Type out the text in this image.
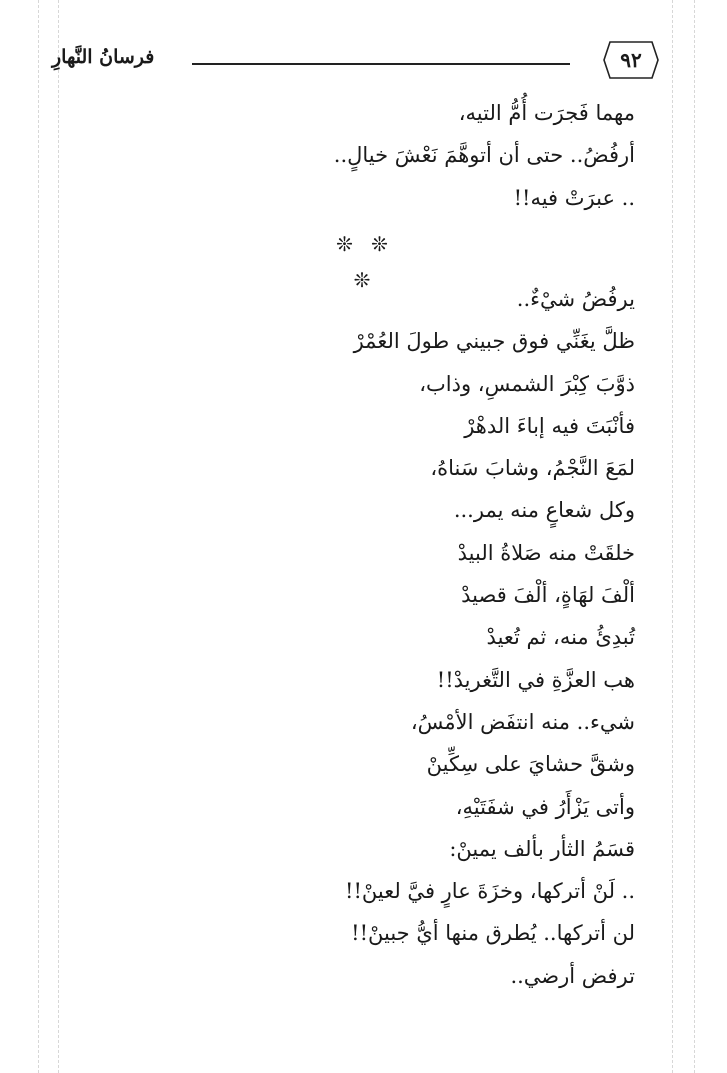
فرسانُ النَّهارِ	٩٢
مهما فَجرَت أُمُّ التيه،
أرفُضُ.. حتى أن أتوهَّمَ نَعْشَ خيالٍ..
.. عبرَتْ فيه!!
❊ ❊ ❊
يرفُضُ شيْءٌ..
ظلَّ يغَنِّي فوق جبيني طولَ العُمْرْ
ذوَّبَ كِبْرَ الشمسِ، وذاب،
فأنْبَتَ فيه إباءَ الدهْرْ
لمَعَ النَّجْمُ، وشابَ سَناهُ،
وكل شعاعٍ منه يمر...
خلقَتْ منه صَلاةُ البيدْ
ألْفَ لهَاةٍ، ألْفَ قصيدْ
تُبدِئُ منه، ثم تُعيدْ
هب العزَّةِ في التَّغريدْ!!
شيء.. منه انتفَض الأمْسُ،
وشقَّ حشايَ على سِكِّينْ
وأتى يَزْأَرُ في شفَتَيْهِ،
قسَمُ الثأر بألف يمينْ:
.. لَنْ أتركها، وخزَةَ عارٍ فيَّ لعينْ!!
لن أتركها.. يُطرق منها أيُّ جبينْ!!
ترفض أرضي..
